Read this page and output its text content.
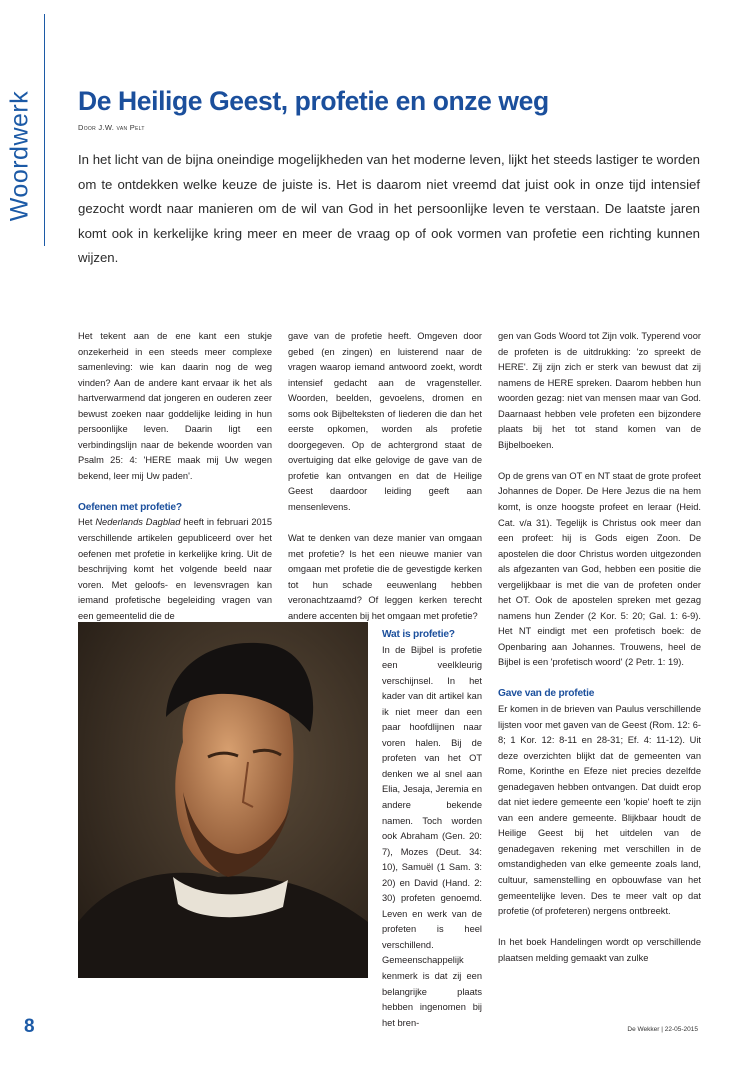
Woordwerk De Heilige Geest, profetie en onze weg
Door J.W. van Pelt

In het licht van de bijna oneindige mogelijkheden van het moderne leven, lijkt het steeds lastiger te worden om te ontdekken welke keuze de juiste is. Het is daarom niet vreemd dat juist ook in onze tijd intensief gezocht wordt naar manieren om de wil van God in het persoonlijke leven te verstaan. De laatste jaren komt ook in kerkelijke kring meer en meer de vraag op of ook vormen van profetie een richting kunnen wijzen.

Het tekent aan de ene kant een stukje onzekerheid in een steeds meer complexe samenleving: wie kan daarin nog de weg vinden? Aan de andere kant ervaar ik het als hartverwarmend dat jongeren en ouderen zeer bewust zoeken naar goddelijke leiding in hun persoonlijke leven. Daarin ligt een verbindingslijn naar de bekende woorden van Psalm 25: 4: 'HERE maak mij Uw wegen bekend, leer mij Uw paden'.

Oefenen met profetie?

Het Nederlands Dagblad heeft in februari 2015 verschillende artikelen gepubliceerd over het oefenen met profetie in kerkelijke kring. Uit de beschrijving komt het volgende beeld naar voren. Met geloofs- en levensvragen kan iemand profetische begeleiding vragen van een gemeentelid die de

gave van de profetie heeft. Omgeven door gebed (en zingen) en luisterend naar de vragen waarop iemand antwoord zoekt, wordt intensief gedacht aan de vragensteller. Woorden, beelden, gevoelens, dromen en soms ook Bijbelteksten of liederen die dan het eerste opkomen, worden als profetie doorgegeven. Op de achtergrond staat de overtuiging dat elke gelovige de gave van de profetie kan ontvangen en dat de Heilige Geest daardoor leiding geeft aan mensenlevens.

Wat te denken van deze manier van omgaan met profetie? Is het een nieuwe manier van omgaan met profetie die de gevestigde kerken tot hun schade eeuwenlang hebben veronachtzaamd? Of leggen kerken terecht andere accenten bij het omgaan met profetie?

Wat is profetie?

In de Bijbel is profetie een veelkleurig verschijnsel. In het kader van dit artikel kan ik niet meer dan een paar hoofdlijnen naar voren halen. Bij de profeten van het OT denken we al snel aan Elia, Jesaja, Jeremia en andere bekende namen. Toch worden ook Abraham (Gen. 20: 7), Mozes (Deut. 34: 10), Samuël (1 Sam. 3: 20) en David (Hand. 2: 30) profeten genoemd. Leven en werk van de profeten is heel verschillend. Gemeenschappelijk kenmerk is dat zij een belangrijke plaats hebben ingenomen bij het bren-

gen van Gods Woord tot Zijn volk. Typerend voor de profeten is de uitdrukking: 'zo spreekt de HERE'. Zij zijn zich er sterk van bewust dat zij namens de HERE spreken. Daarom hebben hun woorden gezag: niet van mensen maar van God. Daarnaast hebben vele profeten een bijzondere plaats bij het tot stand komen van de Bijbelboeken.

Op de grens van OT en NT staat de grote profeet Johannes de Doper. De Here Jezus die na hem komt, is onze hoogste profeet en leraar (Heid. Cat. v/a 31). Tegelijk is Christus ook meer dan een profeet: hij is Gods eigen Zoon. De apostelen die door Christus worden uitgezonden als afgezanten van God, hebben een positie die vergelijkbaar is met die van de profeten onder het OT. Ook de apostelen spreken met gezag namens hun Zender (2 Kor. 5: 20; Gal. 1: 6-9). Het NT eindigt met een profetisch boek: de Openbaring aan Johannes. Trouwens, heel de Bijbel is een 'profetisch woord' (2 Petr. 1: 19).

Gave van de profetie

Er komen in de brieven van Paulus verschillende lijsten voor met gaven van de Geest (Rom. 12: 6-8; 1 Kor. 12: 8-11 en 28-31; Ef. 4: 11-12). Uit deze overzichten blijkt dat de gemeenten van Rome, Korinthe en Efeze niet precies dezelfde genadegaven hebben ontvangen. Dat duidt erop dat niet iedere gemeente een 'kopie' hoeft te zijn van een andere gemeente. Blijkbaar houdt de Heilige Geest bij het uitdelen van de genadegaven rekening met verschillen in de omstandigheden van elke gemeente zoals land, cultuur, samenstelling en opbouwfase van het gemeentelijke leven. Des te meer valt op dat profetie (of profeteren) nergens ontbreekt.

In het boek Handelingen wordt op verschillende plaatsen melding gemaakt van zulke

8	De Wekker | 22-05-2015
